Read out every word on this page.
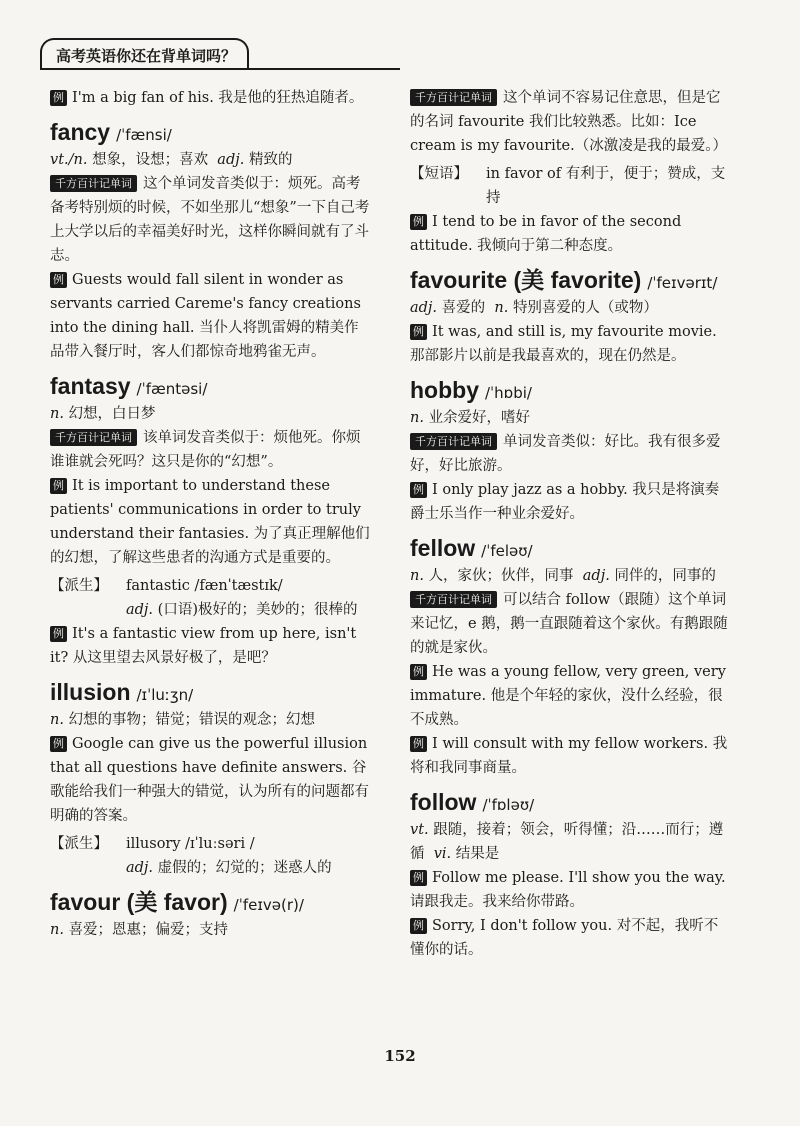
高考英语你还在背单词吗？

例 I'm a big fan of his. 我是他的狂热追随者。

fancy /ˈfænsi/

vt./n. 想象，设想；喜欢 adj. 精致的

千方百计记单词 这个单词发音类似于：烦死。高考备考特别烦的时候，不如坐那儿“想象”一下自己考上大学以后的幸福美好时光，这样你瞬间就有了斗志。

例 Guests would fall silent in wonder as servants carried Careme's fancy creations into the dining hall. 当仆人将凯雷姆的精美作品带入餐厅时，客人们都惊奇地鸦雀无声。

fantasy /ˈfæntəsi/

n. 幻想，白日梦

千方百计记单词 该单词发音类似于：烦他死。你烦谁谁就会死吗？这只是你的“幻想”。

例 It is important to understand these patients' communications in order to truly understand their fantasies. 为了真正理解他们的幻想，了解这些患者的沟通方式是重要的。

【派生】	fantastic /fænˈtæstɪk/

adj. (口语)极好的；美妙的；很棒的

例 It's a fantastic view from up here, isn't it? 从这里望去风景好极了，是吧？

illusion /ɪˈluːʒn/

n. 幻想的事物；错觉；错误的观念；幻想

例 Google can give us the powerful illusion that all questions have definite answers. 谷歌能给我们一种强大的错觉，认为所有的问题都有明确的答案。

【派生】	illusory /ɪˈluːsəri /

adj. 虚假的；幻觉的；迷惑人的

favour (美 favor) /ˈfeɪvə(r)/

n. 喜爱；恩惠；偏爱；支持

千方百计记单词 这个单词不容易记住意思，但是它的名词 favourite 我们比较熟悉。比如：Ice cream is my favourite.（冰激凌是我的最爱。）

【短语】	in favor of 有利于，便于；赞成，支持

例 I tend to be in favor of the second attitude. 我倾向于第二种态度。

favourite (美 favorite) /ˈfeɪvərɪt/

adj. 喜爱的 n. 特别喜爱的人（或物）

例 It was, and still is, my favourite movie. 那部影片以前是我最喜欢的，现在仍然是。

hobby /ˈhɒbi/

n. 业余爱好，嗜好

千方百计记单词 单词发音类似：好比。我有很多爱好，好比旅游。

例 I only play jazz as a hobby. 我只是将演奏爵士乐当作一种业余爱好。

fellow /ˈfeləʊ/

n. 人，家伙；伙伴，同事 adj. 同伴的，同事的

千方百计记单词 可以结合 follow（跟随）这个单词来记忆，e 鹅，鹅一直跟随着这个家伙。有鹅跟随的就是家伙。

例 He was a young fellow, very green, very immature. 他是个年轻的家伙，没什么经验，很不成熟。

例 I will consult with my fellow workers. 我将和我同事商量。

follow /ˈfɒləʊ/

vt. 跟随，接着；领会，听得懂；沿……而行；遵循 vi. 结果是

例 Follow me please. I'll show you the way. 请跟我走。我来给你带路。

例 Sorry, I don't follow you. 对不起，我听不懂你的话。

152
